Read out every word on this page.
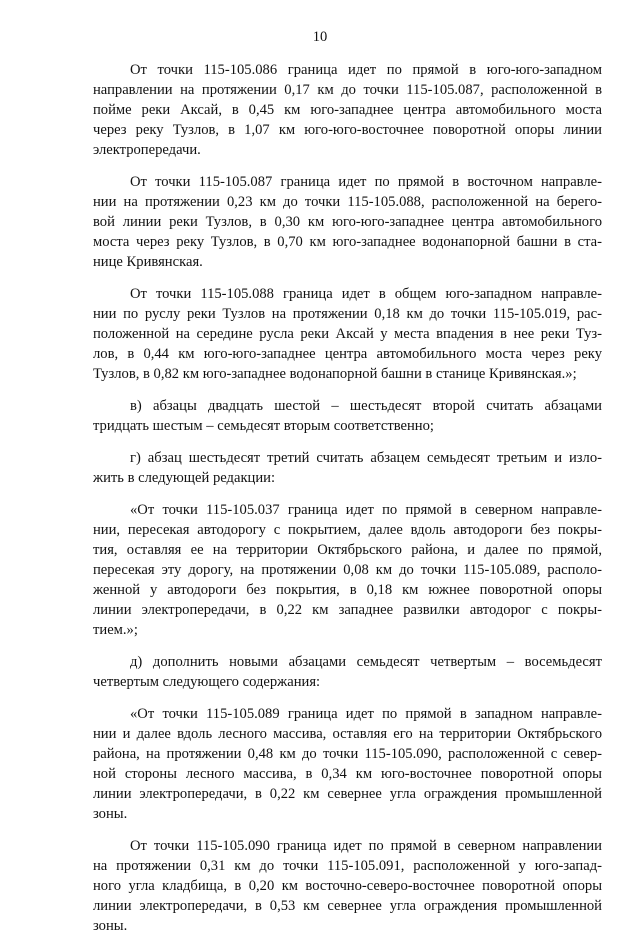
10
От точки 115-105.086 граница идет по прямой в юго-юго-западном
направлении на протяжении 0,17 км до точки 115-105.087, расположенной в
пойме реки Аксай, в 0,45 км юго-западнее центра автомобильного моста
через реку Тузлов, в 1,07 км юго-юго-восточнее поворотной опоры линии
электропередачи.
От точки 115-105.087 граница идет по прямой в восточном направле-
нии на протяжении 0,23 км до точки 115-105.088, расположенной на берего-
вой линии реки Тузлов, в 0,30 км юго-юго-западнее центра автомобильного
моста через реку Тузлов, в 0,70 км юго-западнее водонапорной башни в ста-
нице Кривянская.
От точки 115-105.088 граница идет в общем юго-западном направле-
нии по руслу реки Тузлов на протяжении 0,18 км до точки 115-105.019, рас-
положенной на середине русла реки Аксай у места впадения в нее реки Туз-
лов, в 0,44 км юго-юго-западнее центра автомобильного моста через реку
Тузлов, в 0,82 км юго-западнее водонапорной башни в станице Кривянская.»;
в) абзацы двадцать шестой – шестьдесят второй считать абзацами
тридцать шестым – семьдесят вторым соответственно;
г) абзац шестьдесят третий считать абзацем семьдесят третьим и изло-
жить в следующей редакции:
«От точки 115-105.037 граница идет по прямой в северном направле-
нии, пересекая автодорогу с покрытием, далее вдоль автодороги без покры-
тия, оставляя ее на территории Октябрьского района, и далее по прямой,
пересекая эту дорогу, на протяжении 0,08 км до точки 115-105.089, располо-
женной у автодороги без покрытия, в 0,18 км южнее поворотной опоры
линии электропередачи, в 0,22 км западнее развилки автодорог с покры-
тием.»;
д) дополнить новыми абзацами семьдесят четвертым – восемьдесят
четвертым следующего содержания:
«От точки 115-105.089 граница идет по прямой в западном направле-
нии и далее вдоль лесного массива, оставляя его на территории Октябрьского
района, на протяжении 0,48 км до точки 115-105.090, расположенной с север-
ной стороны лесного массива, в 0,34 км юго-восточнее поворотной опоры
линии электропередачи, в 0,22 км севернее угла ограждения промышленной
зоны.
От точки 115-105.090 граница идет по прямой в северном направлении
на протяжении 0,31 км до точки 115-105.091, расположенной у юго-запад-
ного угла кладбища, в 0,20 км восточно-северо-восточнее поворотной опоры
линии электропередачи, в 0,53 км севернее угла ограждения промышленной
зоны.
